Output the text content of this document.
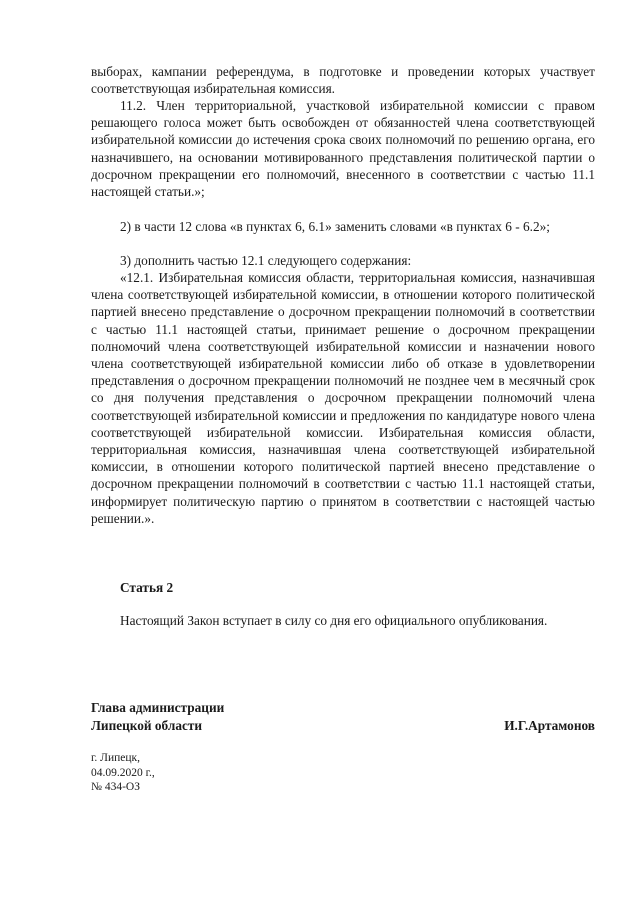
выборах, кампании референдума, в подготовке и проведении которых участвует соответствующая избирательная комиссия.

11.2. Член территориальной, участковой избирательной комиссии с правом решающего голоса может быть освобожден от обязанностей члена соответствующей избирательной комиссии до истечения срока своих полномочий по решению органа, его назначившего, на основании мотивированного представления политической партии о досрочном прекращении его полномочий, внесенного в соответствии с частью 11.1 настоящей статьи.»;

2) в части 12 слова «в пунктах 6, 6.1» заменить словами «в пунктах 6 - 6.2»;

3) дополнить частью 12.1 следующего содержания:

«12.1. Избирательная комиссия области, территориальная комиссия, назначившая члена соответствующей избирательной комиссии, в отношении которого политической партией внесено представление о досрочном прекращении полномочий в соответствии с частью 11.1 настоящей статьи, принимает решение о досрочном прекращении полномочий члена соответствующей избирательной комиссии и назначении нового члена соответствующей избирательной комиссии либо об отказе в удовлетворении представления о досрочном прекращении полномочий не позднее чем в месячный срок со дня получения представления о досрочном прекращении полномочий члена соответствующей избирательной комиссии и предложения по кандидатуре нового члена соответствующей избирательной комиссии. Избирательная комиссия области, территориальная комиссия, назначившая члена соответствующей избирательной комиссии, в отношении которого политической партией внесено представление о досрочном прекращении полномочий в соответствии с частью 11.1 настоящей статьи, информирует политическую партию о принятом в соответствии с настоящей частью решении.».

Статья 2

Настоящий Закон вступает в силу со дня его официального опубликования.

Глава администрации
Липецкой области	И.Г.Артамонов
г. Липецк,
04.09.2020 г.,
№ 434-ОЗ
